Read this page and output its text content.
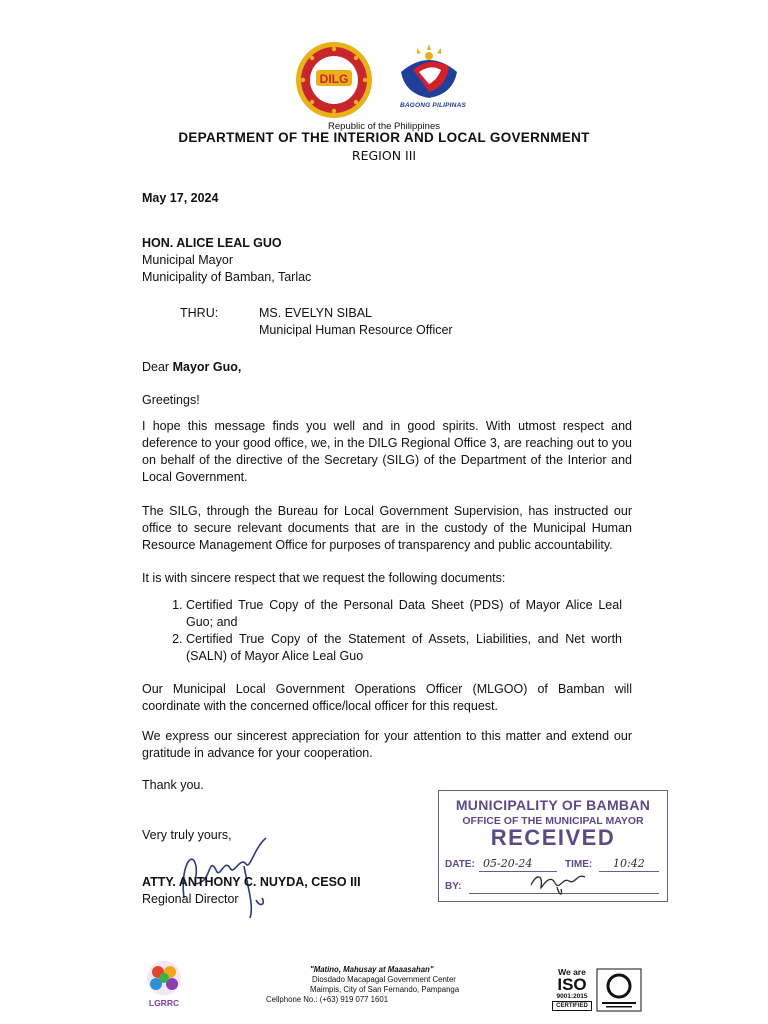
DILG
BAGONG PILIPINAS
Republic of the Philippines
DEPARTMENT OF THE INTERIOR AND LOCAL GOVERNMENT
REGION III
May 17, 2024
HON. ALICE LEAL GUO
Municipal Mayor
Municipality of Bamban, Tarlac
THRU:	MS. EVELYN SIBAL
Municipal Human Resource Officer
Dear Mayor Guo,
Greetings!
I hope this message finds you well and in good spirits. With utmost respect and deference to your good office, we, in the DILG Regional Office 3, are reaching out to you on behalf of the directive of the Secretary (SILG) of the Department of the Interior and Local Government.
The SILG, through the Bureau for Local Government Supervision, has instructed our office to secure relevant documents that are in the custody of the Municipal Human Resource Management Office for purposes of transparency and public accountability.
It is with sincere respect that we request the following documents:
1. Certified True Copy of the Personal Data Sheet (PDS) of Mayor Alice Leal Guo; and
2. Certified True Copy of the Statement of Assets, Liabilities, and Net worth (SALN) of Mayor Alice Leal Guo
Our Municipal Local Government Operations Officer (MLGOO) of Bamban will coordinate with the concerned office/local officer for this request.
We express our sincerest appreciation for your attention to this matter and extend our gratitude in advance for your cooperation.
Thank you.
MUNICIPALITY OF BAMBAN
OFFICE OF THE MUNICIPAL MAYOR
RECEIVED
DATE: 05-20-24	TIME: 10:42
BY:
Very truly yours,
ATTY. ANTHONY C. NUYDA, CESO III
Regional Director
LGRRC
"Matino, Mahusay at Maaasahan"
Diosdado Macapagal Government Center
Maimpis, City of San Fernando, Pampanga
Cellphone No.: (+63) 919 077 1601
We are
ISO
9001:2015
CERTIFIED
